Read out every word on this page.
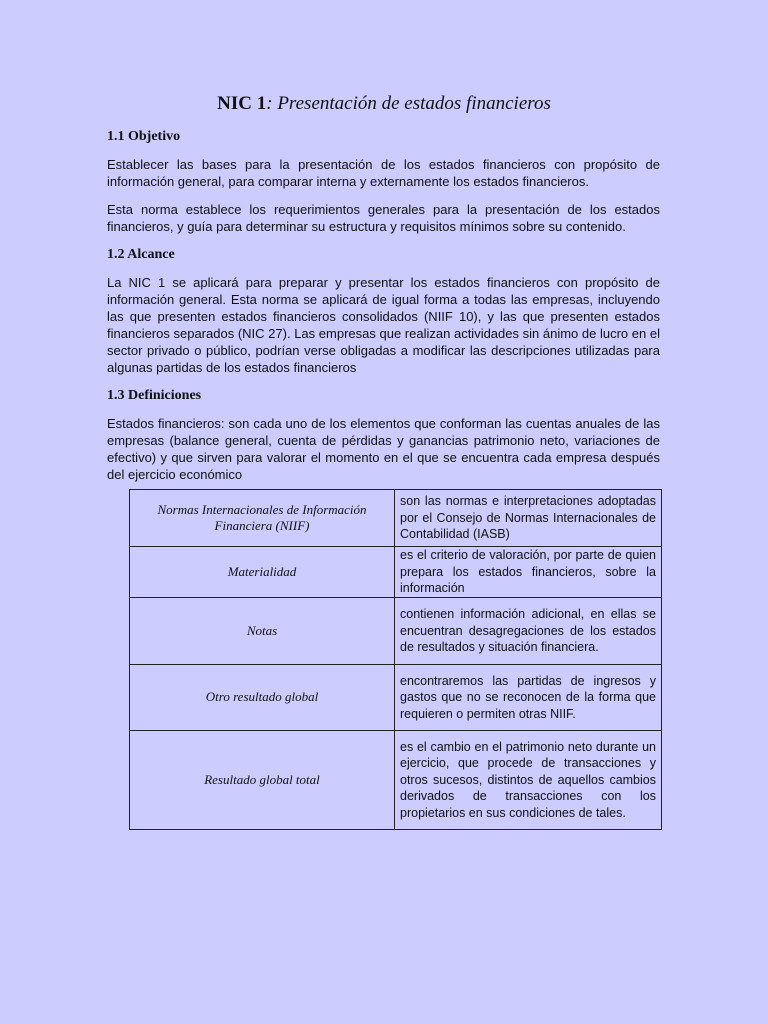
NIC 1: Presentación de estados financieros
1.1 Objetivo

Establecer las bases para la presentación de los estados financieros con propósito de información general, para comparar interna y externamente los estados financieros.

Esta norma establece los requerimientos generales para la presentación de los estados financieros, y guía para determinar su estructura y requisitos mínimos sobre su contenido.

1.2 Alcance

La NIC 1 se aplicará para preparar y presentar los estados financieros con propósito de información general. Esta norma se aplicará de igual forma a todas las empresas, incluyendo las que presenten estados financieros consolidados (NIIF 10), y las que presenten estados financieros separados (NIC 27). Las empresas que realizan actividades sin ánimo de lucro en el sector privado o público, podrían verse obligadas a modificar las descripciones utilizadas para algunas partidas de los estados financieros

1.3 Definiciones

Estados financieros: son cada uno de los elementos que conforman las cuentas anuales de las empresas (balance general, cuenta de pérdidas y ganancias patrimonio neto, variaciones de efectivo) y que sirven para valorar el momento en el que se encuentra cada empresa después del ejercicio económico

Normas Internacionales de Información Financiera (NIIF)	son las normas e interpretaciones adoptadas por el Consejo de Normas Internacionales de Contabilidad (IASB)
Materialidad	es el criterio de valoración, por parte de quien prepara los estados financieros, sobre la información
Notas	contienen información adicional, en ellas se encuentran desagregaciones de los estados de resultados y situación financiera.
Otro resultado global	encontraremos las partidas de ingresos y gastos que no se reconocen de la forma que requieren o permiten otras NIIF.
Resultado global total	es el cambio en el patrimonio neto durante un ejercicio, que procede de transacciones y otros sucesos, distintos de aquellos cambios derivados de transacciones con los propietarios en sus condiciones de tales.
